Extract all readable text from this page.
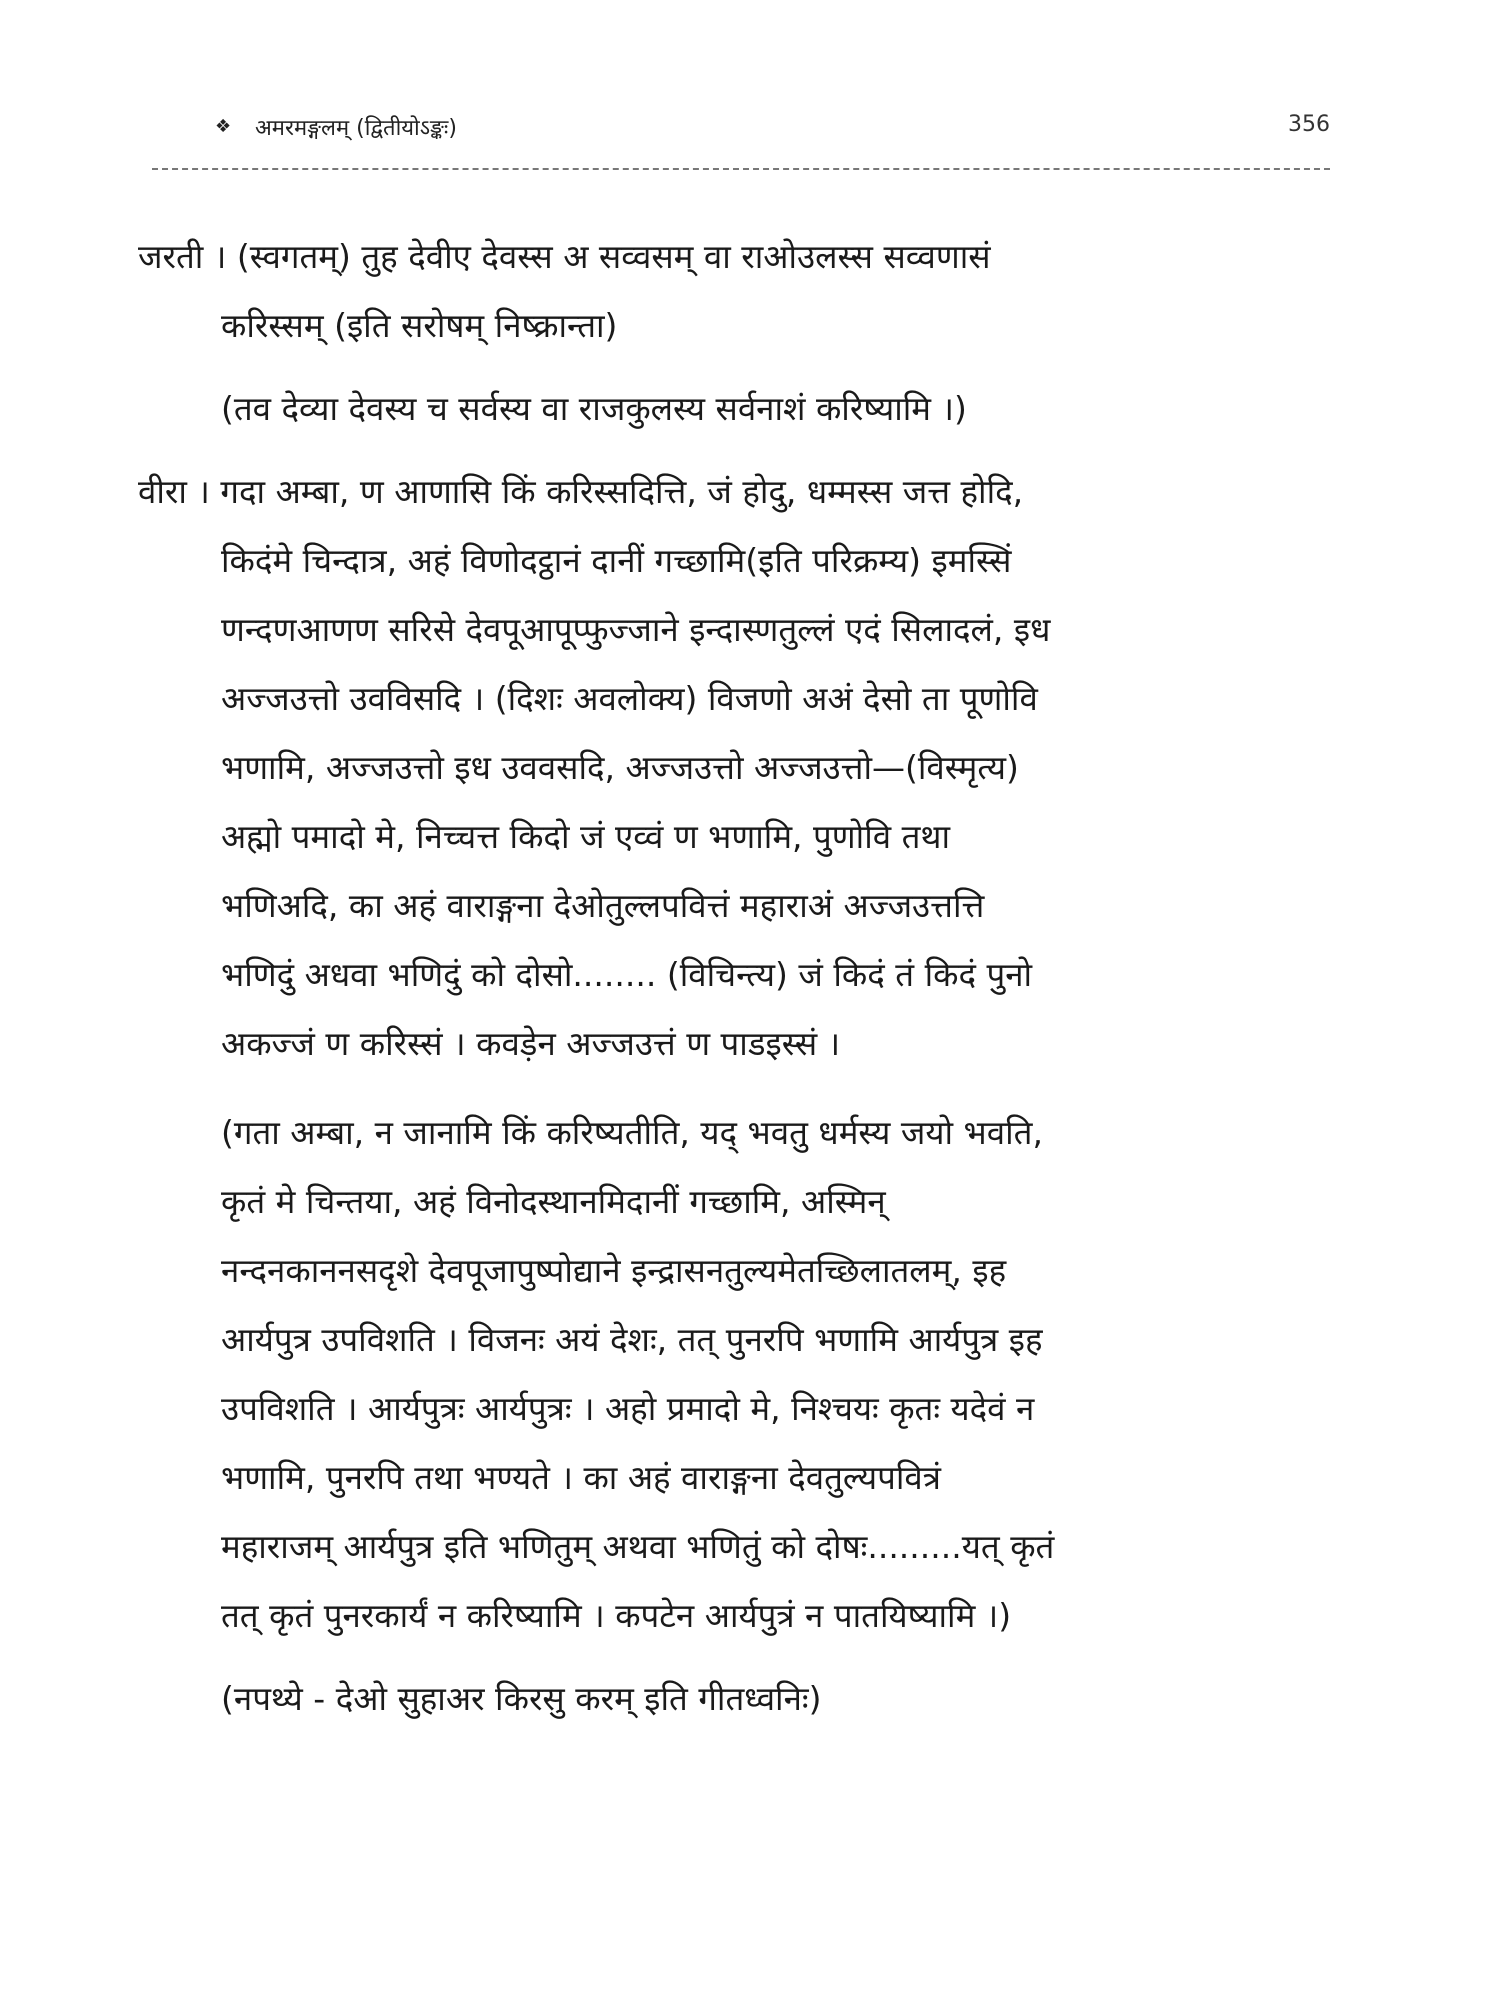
❖ अमरमङ्गलम् (द्वितीयोऽङ्कः)	356
जरती । (स्वगतम्) तुह देवीए देवस्स अ सव्वसम् वा राओउलस्स सव्वणासं
करिस्सम् (इति सरोषम् निष्क्रान्ता)
(तव देव्या देवस्य च सर्वस्य वा राजकुलस्य सर्वनाशं करिष्यामि ।)
वीरा । गदा अम्बा, ण आणासि किं करिस्सदित्ति, जं होदु, धम्मस्स जत्त होदि,
किदंमे चिन्दात्र, अहं विणोदट्ठानं दानीं गच्छामि(इति परिक्रम्य) इमस्सिं
णन्दणआणण सरिसे देवपूआपूप्फुज्जाने इन्दास्णतुल्लं एदं सिलादलं, इध
अज्जउत्तो उवविसदि । (दिशः अवलोक्य) विजणो अअं देसो ता पूणोवि
भणामि, अज्जउत्तो इध उववसदि, अज्जउत्तो अज्जउत्तो—(विस्मृत्य)
अह्मो पमादो मे, निच्चत्त किदो जं एव्वं ण भणामि, पुणोवि तथा
भणिअदि, का अहं वाराङ्गना देओतुल्लपवित्तं महाराअं अज्जउत्तत्ति
भणिदुं अधवा भणिदुं को दोसो........ (विचिन्त्य) जं किदं तं किदं पुनो
अकज्जं ण करिस्सं । कवड़ेन अज्जउत्तं ण पाडइस्सं ।
(गता अम्बा, न जानामि किं करिष्यतीति, यद् भवतु धर्मस्य जयो भवति,
कृतं मे चिन्तया, अहं विनोदस्थानमिदानीं गच्छामि, अस्मिन्
नन्दनकाननसदृशे देवपूजापुष्पोद्याने इन्द्रासनतुल्यमेतच्छिलातलम्, इह
आर्यपुत्र उपविशति । विजनः अयं देशः, तत् पुनरपि भणामि आर्यपुत्र इह
उपविशति । आर्यपुत्रः आर्यपुत्रः । अहो प्रमादो मे, निश्चयः कृतः यदेवं न
भणामि, पुनरपि तथा भण्यते । का अहं वाराङ्गना देवतुल्यपवित्रं
महाराजम् आर्यपुत्र इति भणितुम् अथवा भणितुं को दोषः.........यत् कृतं
तत् कृतं पुनरकार्यं न करिष्यामि । कपटेन आर्यपुत्रं न पातयिष्यामि ।)
(नपथ्ये - देओ सुहाअर किरसु करम् इति गीतध्वनिः)
